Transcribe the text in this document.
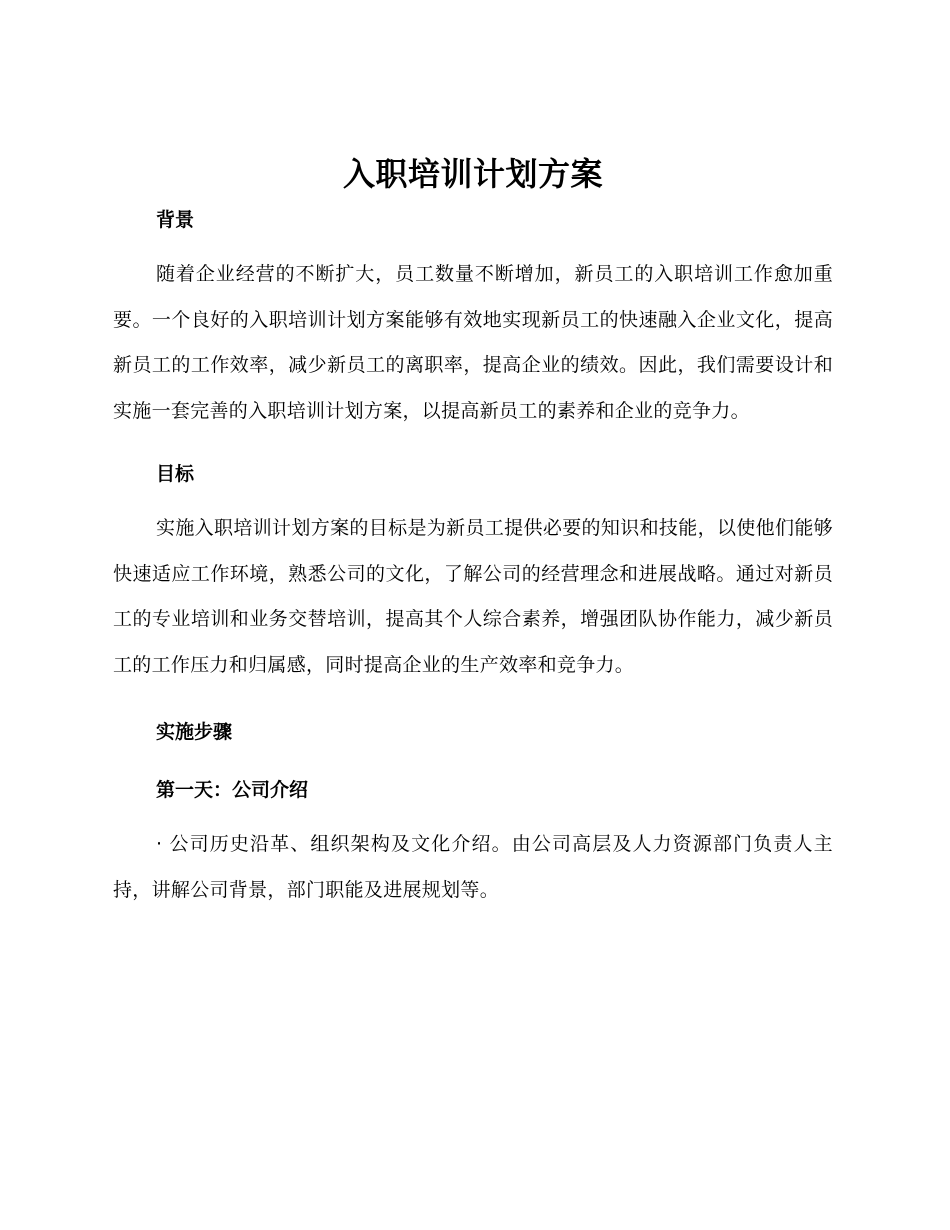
入职培训计划方案
背景

随着企业经营的不断扩大，员工数量不断增加，新员工的入职培训工作愈加重要。一个良好的入职培训计划方案能够有效地实现新员工的快速融入企业文化，提高新员工的工作效率，减少新员工的离职率，提高企业的绩效。因此，我们需要设计和实施一套完善的入职培训计划方案，以提高新员工的素养和企业的竞争力。

目标

实施入职培训计划方案的目标是为新员工提供必要的知识和技能，以使他们能够快速适应工作环境，熟悉公司的文化，了解公司的经营理念和进展战略。通过对新员工的专业培训和业务交替培训，提高其个人综合素养，增强团队协作能力，减少新员工的工作压力和归属感，同时提高企业的生产效率和竞争力。

实施步骤
第一天：公司介绍

· 公司历史沿革、组织架构及文化介绍。由公司高层及人力资源部门负责人主持，讲解公司背景，部门职能及进展规划等。
